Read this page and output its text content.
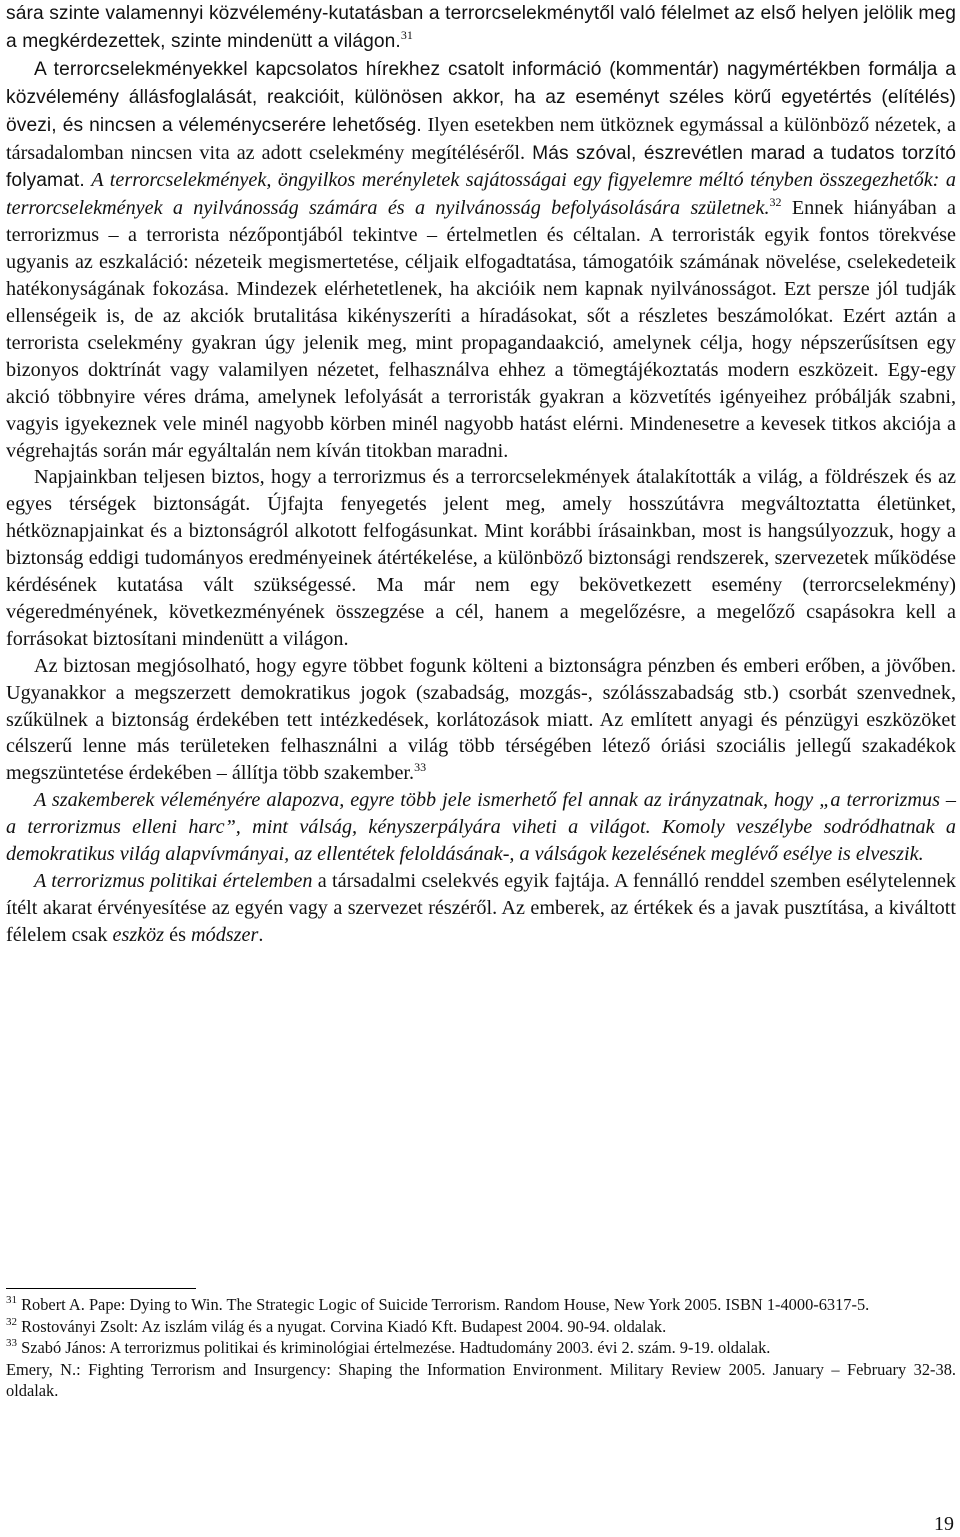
sára szinte valamennyi közvélemény-kutatásban a terrorcselekménytől való félelmet az első helyen jelölik meg a megkérdezettek, szinte mindenütt a világon.$^{31}$

A terrorcselekményekkel kapcsolatos hírekhez csatolt információ (kommentár) nagymértékben formálja a közvélemény állásfoglalását, reakcióit, különösen akkor, ha az eseményt széles körű egyetértés (elítélés) övezi, és nincsen a véleménycserére lehetőség. Ilyen esetekben nem ütköznek egymással a különböző nézetek, a társadalomban nincsen vita az adott cselekmény megítéléséről. Más szóval, észrevétlen marad a tudatos torzító folyamat. A terrorcselekmények, öngyilkos merényletek sajátosságai egy figyelemre méltó tényben összegezhetők: a terrorcselekmények a nyilvánosság számára és a nyilvánosság befolyásolására születnek.$^{32}$ Ennek hiányában a terrorizmus – a terrorista nézőpontjából tekintve – értelmetlen és céltalan. A terroristák egyik fontos törekvése ugyanis az eszkaláció: nézeteik megismertetése, céljaik elfogadtatása, támogatóik számának növelése, cselekedeteik hatékonyságának fokozása. Mindezek elérhetetlenek, ha akcióik nem kapnak nyilvánosságot. Ezt persze jól tudják ellenségeik is, de az akciók brutalitása kikényszeríti a híradásokat, sőt a részletes beszámolókat. Ezért aztán a terrorista cselekmény gyakran úgy jelenik meg, mint propagandaakció, amelynek célja, hogy népszerűsítsen egy bizonyos doktrínát vagy valamilyen nézetet, felhasználva ehhez a tömegtájékoztatás modern eszközeit. Egy-egy akció többnyire véres dráma, amelynek lefolyását a terroristák gyakran a közvetítés igényeihez próbálják szabni, vagyis igyekeznek vele minél nagyobb körben minél nagyobb hatást elérni. Mindenesetre a kevesek titkos akciója a végrehajtás során már egyáltalán nem kíván titokban maradni.

Napjainkban teljesen biztos, hogy a terrorizmus és a terrorcselekmények átalakították a világ, a földrészek és az egyes térségek biztonságát. Újfajta fenyegetés jelent meg, amely hosszútávra megváltoztatta életünket, hétköznapjainkat és a biztonságról alkotott felfogásunkat. Mint korábbi írásainkban, most is hangsúlyozzuk, hogy a biztonság eddigi tudományos eredményeinek átértékelése, a különböző biztonsági rendszerek, szervezetek működése kérdésének kutatása vált szükségessé. Ma már nem egy bekövetkezett esemény (terrorcselekmény) végeredményének, következményének összegzése a cél, hanem a megelőzésre, a megelőző csapásokra kell a forrásokat biztosítani mindenütt a világon.

Az biztosan megjósolható, hogy egyre többet fogunk költeni a biztonságra pénzben és emberi erőben, a jövőben. Ugyanakkor a megszerzett demokratikus jogok (szabadság, mozgás-, szólásszabadság stb.) csorbát szenvednek, szűkülnek a biztonság érdekében tett intézkedések, korlátozások miatt. Az említett anyagi és pénzügyi eszközöket célszerű lenne más területeken felhasználni a világ több térségében létező óriási szociális jellegű szakadékok megszüntetése érdekében – állítja több szakember.$^{33}$

A szakemberek véleményére alapozva, egyre több jele ismerhető fel annak az irányzatnak, hogy „a terrorizmus – a terrorizmus elleni harc”, mint válság, kényszerpályára viheti a világot. Komoly veszélybe sodródhatnak a demokratikus világ alapvívmányai, az ellentétek feloldásának-, a válságok kezelésének meglévő esélye is elveszik.

A terrorizmus politikai értelemben a társadalmi cselekvés egyik fajtája. A fennálló renddel szemben esélytelennek ítélt akarat érvényesítése az egyén vagy a szervezet részéről. Az emberek, az értékek és a javak pusztítása, a kiváltott félelem csak eszköz és módszer.

$^{31}$ Robert A. Pape: Dying to Win. The Strategic Logic of Suicide Terrorism. Random House, New York 2005. ISBN 1-4000-6317-5.

$^{32}$ Rostoványi Zsolt: Az iszlám világ és a nyugat. Corvina Kiadó Kft. Budapest 2004. 90-94. oldalak.

$^{33}$ Szabó János: A terrorizmus politikai és kriminológiai értelmezése. Hadtudomány 2003. évi 2. szám. 9-19. oldalak.

Emery, N.: Fighting Terrorism and Insurgency: Shaping the Information Environment. Military Review 2005. January – February 32-38. oldalak.

19
